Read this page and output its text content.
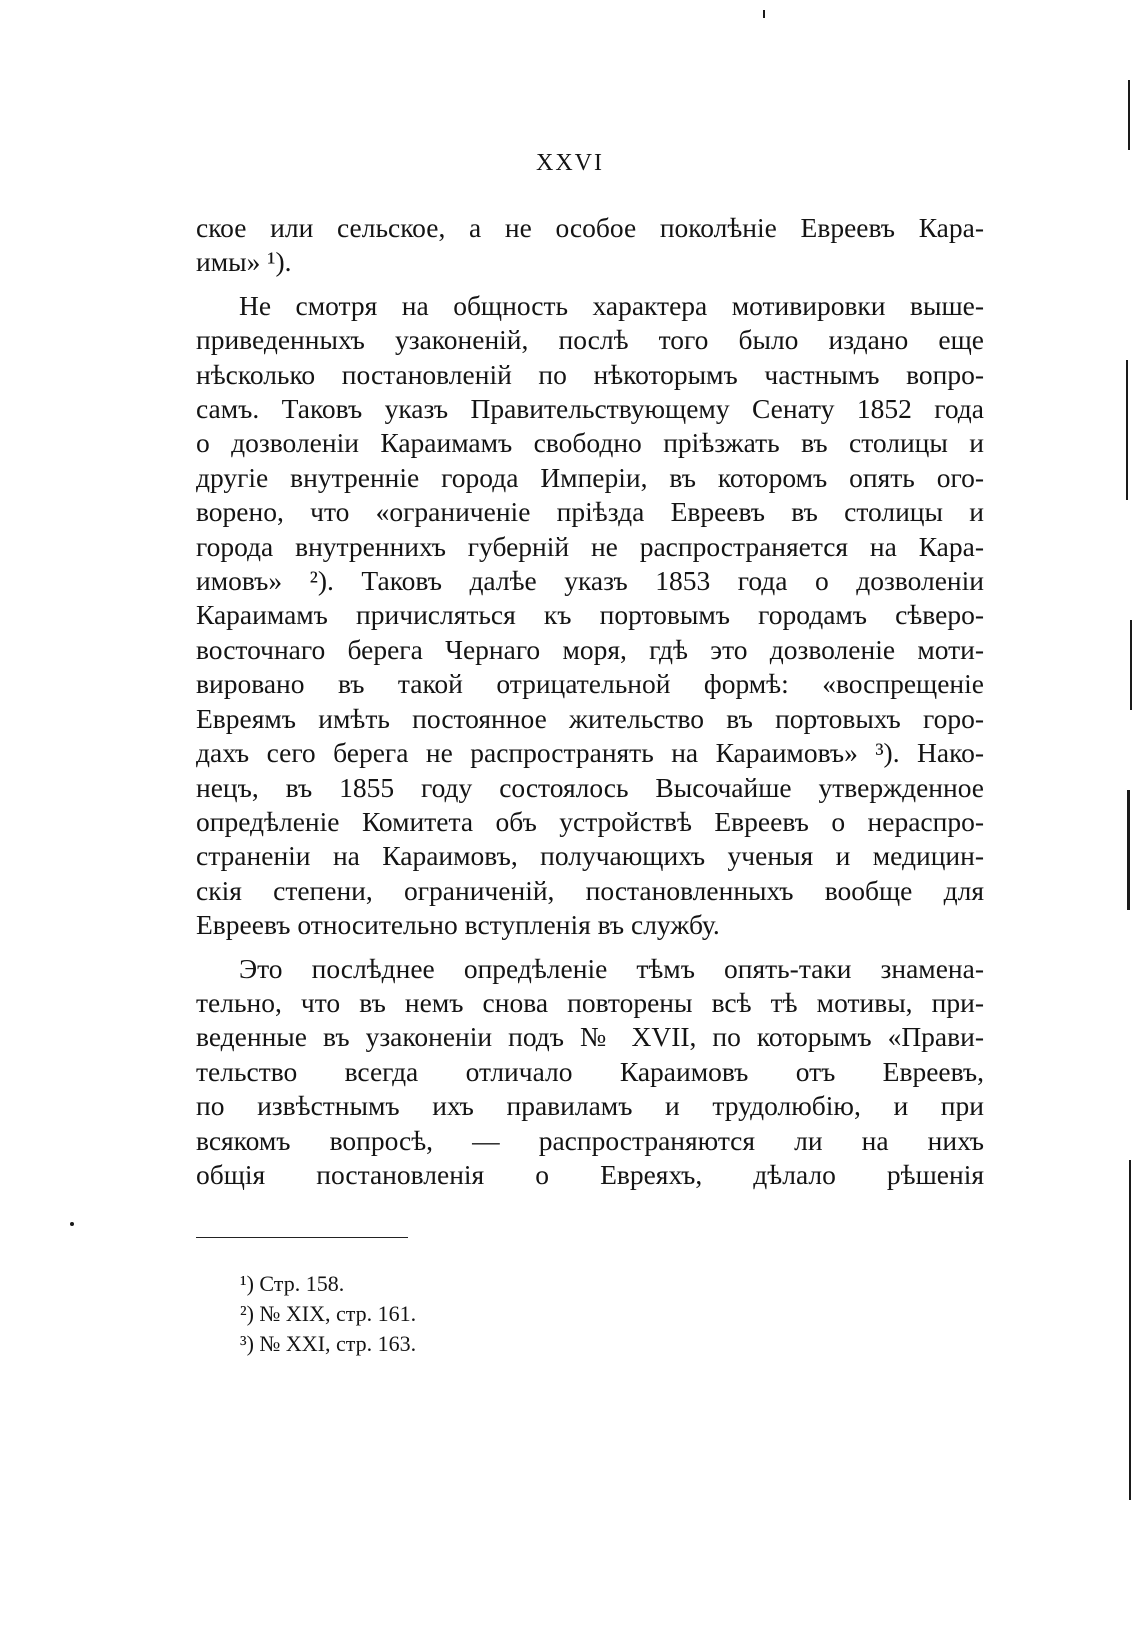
XXVI
ское или сельское, а не особое поколѣніе Евреевъ Кара-
имы» ¹).
Не смотря на общность характера мотивировки выше-
приведенныхъ узаконеній, послѣ того было издано еще
нѣсколько постановленій по нѣкоторымъ частнымъ вопро-
самъ. Таковъ указъ Правительствующему Сенату 1852 года
о дозволеніи Караимамъ свободно пріѣзжать въ столицы и
другіе внутренніе города Имперіи, въ которомъ опять ого-
ворено, что «ограниченіе пріѣзда Евреевъ въ столицы и
города внутреннихъ губерній не распространяется на Кара-
имовъ» ²). Таковъ далѣе указъ 1853 года о дозволеніи
Караимамъ причисляться къ портовымъ городамъ сѣверо-
восточнаго берега Чернаго моря, гдѣ это дозволеніе моти-
вировано въ такой отрицательной формѣ: «воспрещеніе
Евреямъ имѣть постоянное жительство въ портовыхъ горо-
дахъ сего берега не распространять на Караимовъ» ³). Нако-
нецъ, въ 1855 году состоялось Высочайше утвержденное
опредѣленіе Комитета объ устройствѣ Евреевъ о нераспро-
страненіи на Караимовъ, получающихъ ученыя и медицин-
скія степени, ограниченій, постановленныхъ вообще для
Евреевъ относительно вступленія въ службу.
Это послѣднее опредѣленіе тѣмъ опять-таки знамена-
тельно, что въ немъ снова повторены всѣ тѣ мотивы, при-
веденные въ узаконеніи подъ № XVII, по которымъ «Прави-
тельство всегда отличало Караимовъ отъ Евреевъ,
по извѣстнымъ ихъ правиламъ и трудолюбію, и при
всякомъ вопросѣ, — распространяются ли на нихъ
общія постановленія о Евреяхъ, дѣлало рѣшенія
¹) Стр. 158.
²) № XIX, стр. 161.
³) № XXI, стр. 163.
